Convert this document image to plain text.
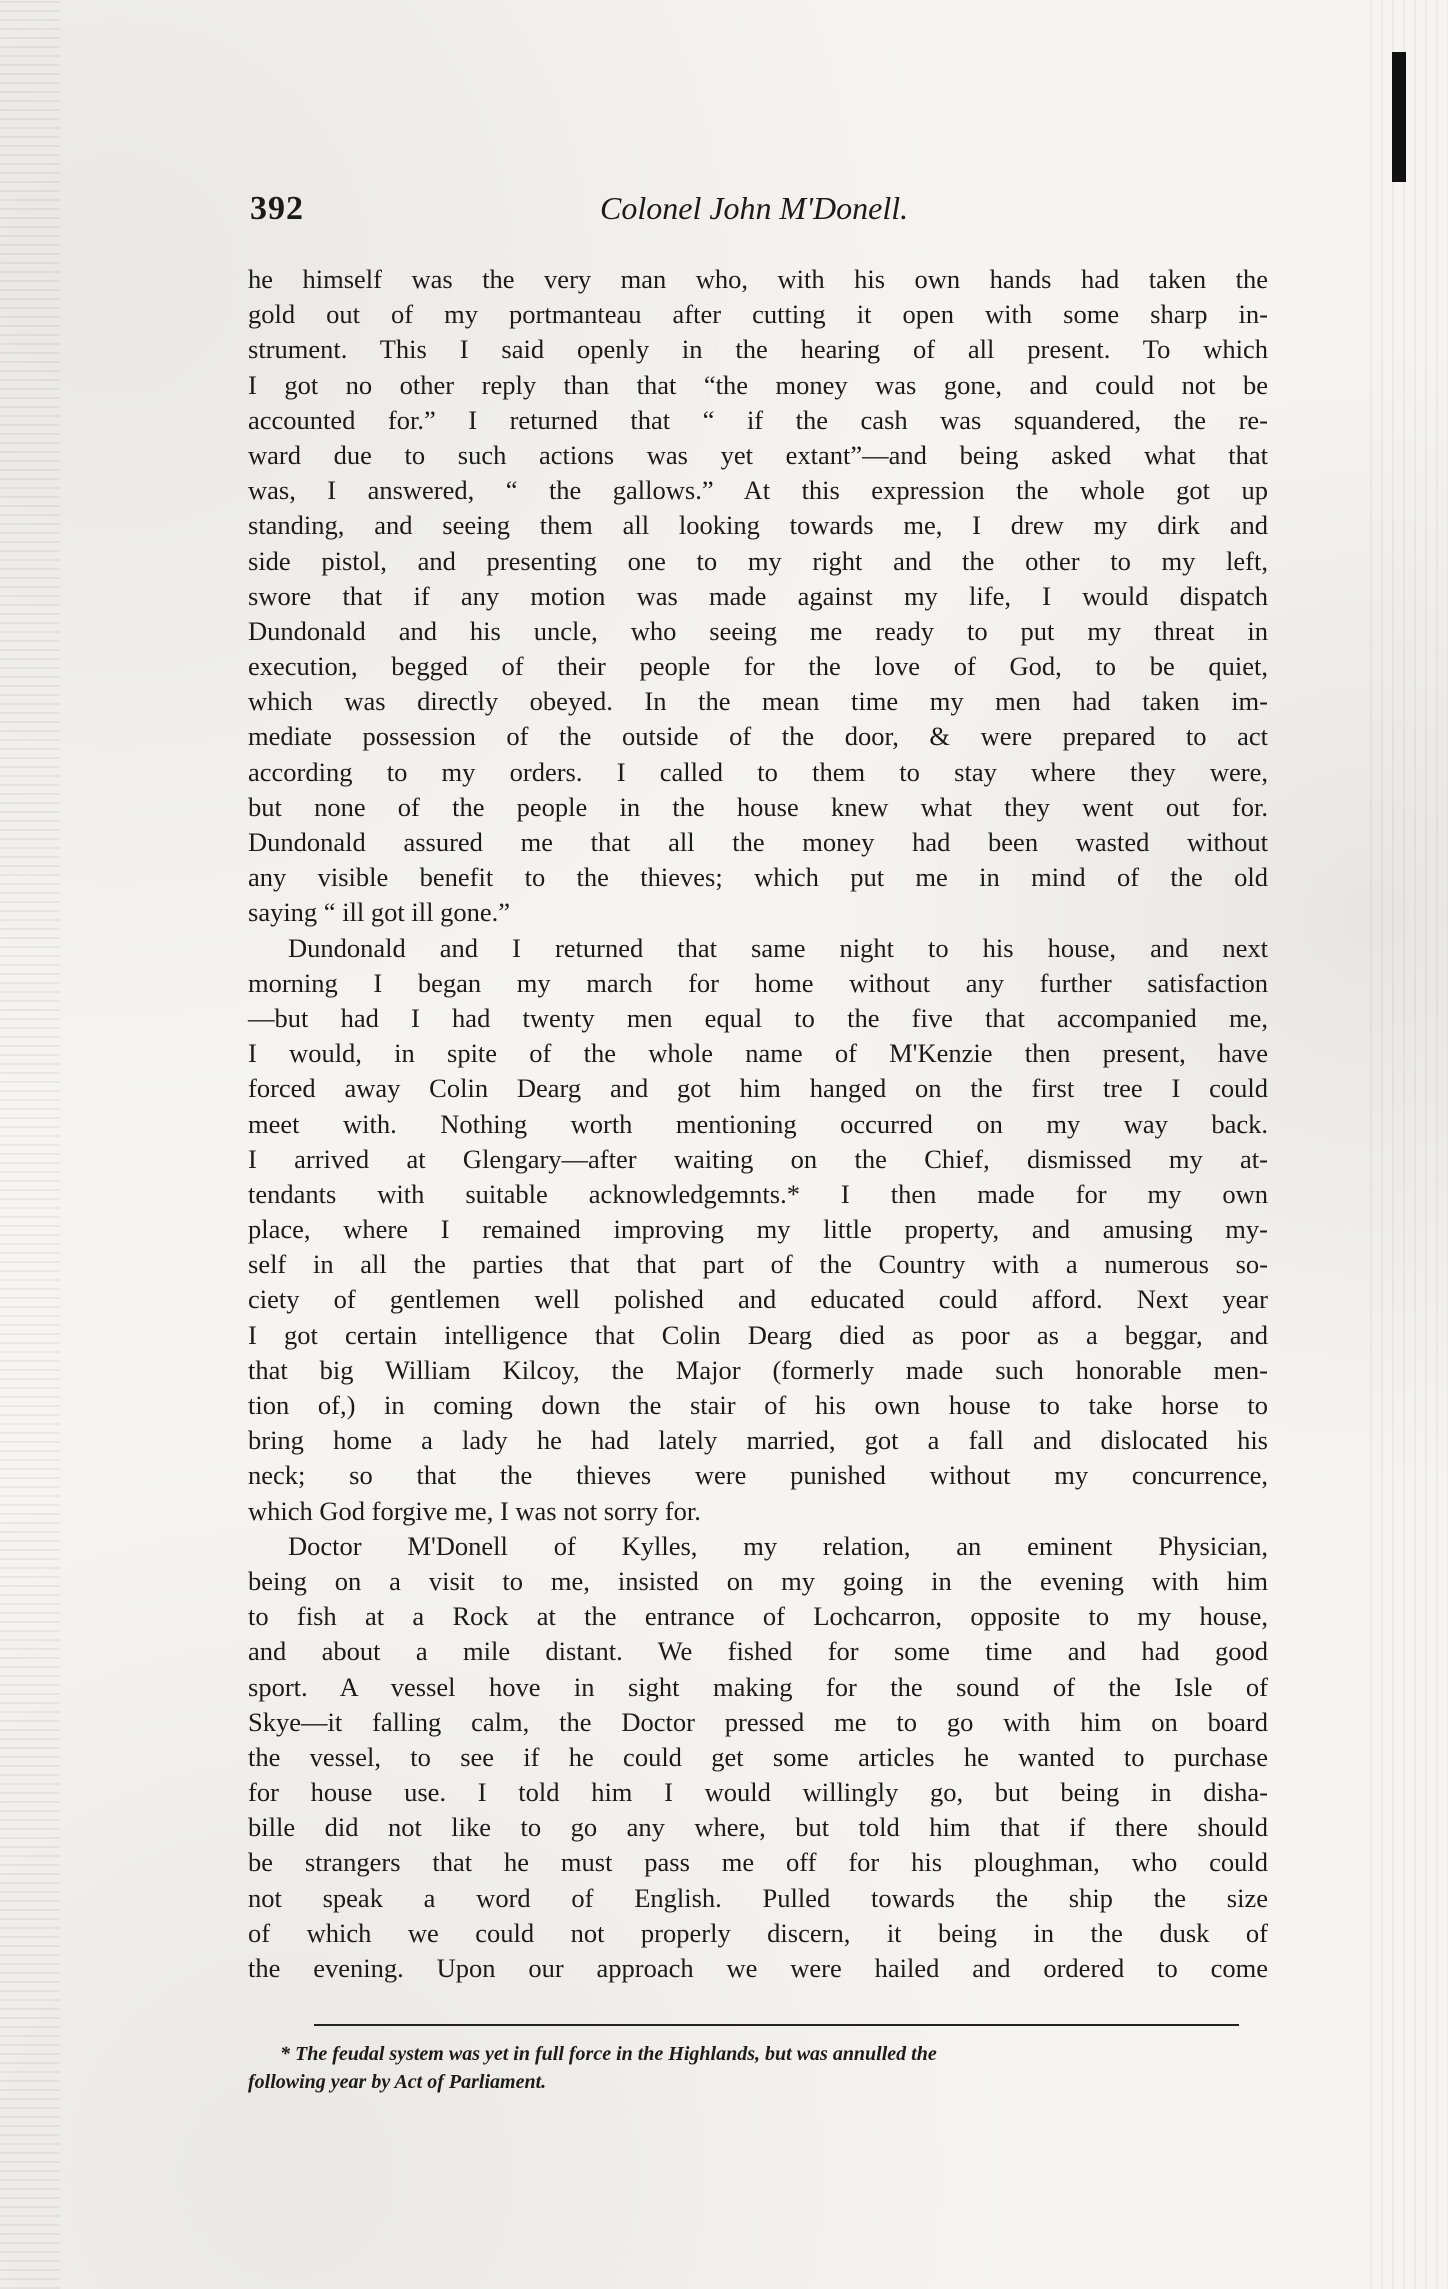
392	Colonel John M'Donell.
he himself was the very man who, with his own hands had taken the
gold out of my portmanteau after cutting it open with some sharp in-
strument. This I said openly in the hearing of all present. To which
I got no other reply than that “the money was gone, and could not be
accounted for.” I returned that “ if the cash was squandered, the re-
ward due to such actions was yet extant”—and being asked what that
was, I answered, “ the gallows.” At this expression the whole got up
standing, and seeing them all looking towards me, I drew my dirk and
side pistol, and presenting one to my right and the other to my left,
swore that if any motion was made against my life, I would dispatch
Dundonald and his uncle, who seeing me ready to put my threat in
execution, begged of their people for the love of God, to be quiet,
which was directly obeyed. In the mean time my men had taken im-
mediate possession of the outside of the door, & were prepared to act
according to my orders. I called to them to stay where they were,
but none of the people in the house knew what they went out for.
Dundonald assured me that all the money had been wasted without
any visible benefit to the thieves; which put me in mind of the old
saying “ ill got ill gone.”
Dundonald and I returned that same night to his house, and next
morning I began my march for home without any further satisfaction
—but had I had twenty men equal to the five that accompanied me,
I would, in spite of the whole name of M'Kenzie then present, have
forced away Colin Dearg and got him hanged on the first tree I could
meet with. Nothing worth mentioning occurred on my way back.
I arrived at Glengary—after waiting on the Chief, dismissed my at-
tendants with suitable acknowledgemnts.* I then made for my own
place, where I remained improving my little property, and amusing my-
self in all the parties that that part of the Country with a numerous so-
ciety of gentlemen well polished and educated could afford. Next year
I got certain intelligence that Colin Dearg died as poor as a beggar, and
that big William Kilcoy, the Major (formerly made such honorable men-
tion of,) in coming down the stair of his own house to take horse to
bring home a lady he had lately married, got a fall and dislocated his
neck; so that the thieves were punished without my concurrence,
which God forgive me, I was not sorry for.
Doctor M'Donell of Kylles, my relation, an eminent Physician,
being on a visit to me, insisted on my going in the evening with him
to fish at a Rock at the entrance of Lochcarron, opposite to my house,
and about a mile distant. We fished for some time and had good
sport. A vessel hove in sight making for the sound of the Isle of
Skye—it falling calm, the Doctor pressed me to go with him on board
the vessel, to see if he could get some articles he wanted to purchase
for house use. I told him I would willingly go, but being in disha-
bille did not like to go any where, but told him that if there should
be strangers that he must pass me off for his ploughman, who could
not speak a word of English. Pulled towards the ship the size
of which we could not properly discern, it being in the dusk of
the evening. Upon our approach we were hailed and ordered to come
* The feudal system was yet in full force in the Highlands, but was annulled the
following year by Act of Parliament.
